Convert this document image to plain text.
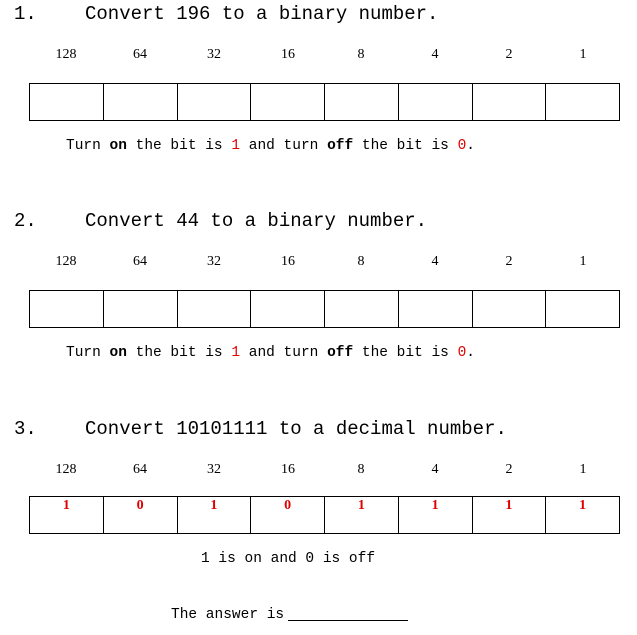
1.	Convert 196 to a binary number.
128	64	32	16	8	4	2	1
Turn on the bit is 1 and turn off the bit is 0.
2.	Convert 44 to a binary number.
128	64	32	16	8	4	2	1
Turn on the bit is 1 and turn off the bit is 0.
3.	Convert 10101111 to a decimal number.
128	64	32	16	8	4	2	1
1	0	1	0	1	1	1	1
1 is on and 0 is off
The answer is
